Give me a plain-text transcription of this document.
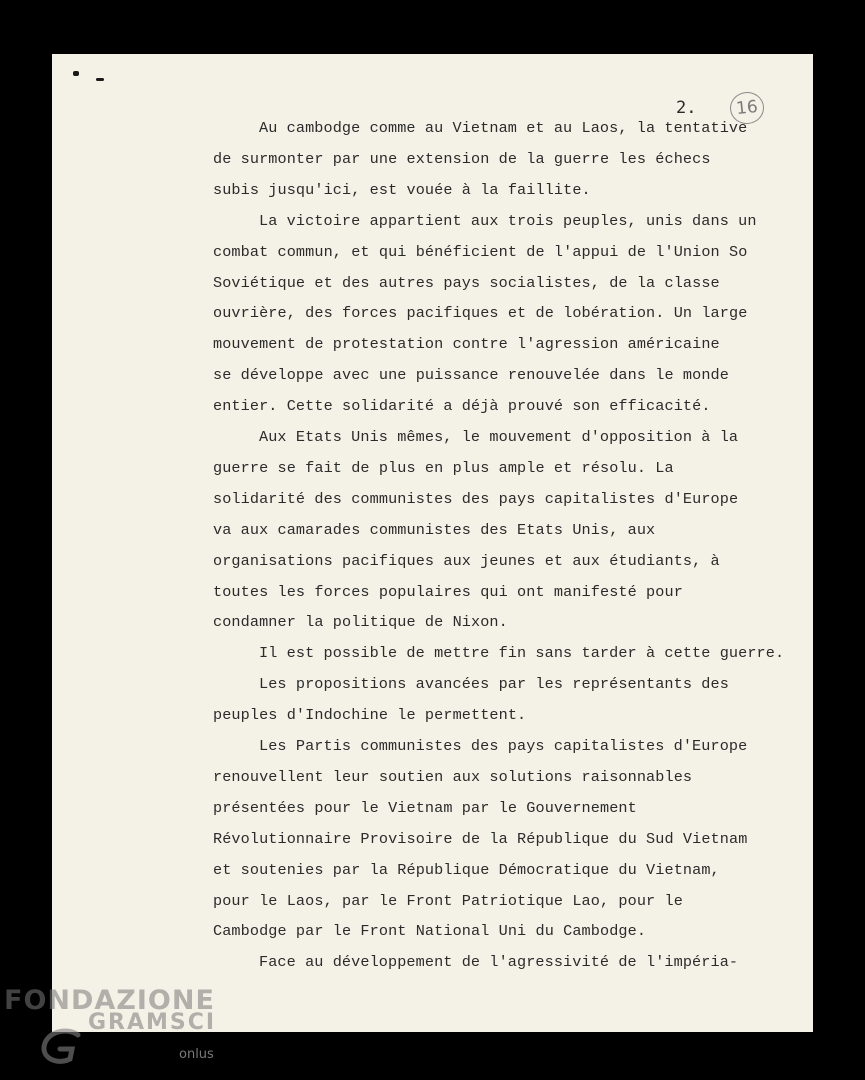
2.	16
Au cambodge comme au Vietnam et au Laos, la tentative
de surmonter par une extension de la guerre les échecs
subis jusqu'ici, est vouée à la faillite.
La victoire appartient aux trois peuples, unis dans un
combat commun, et qui bénéficient de l'appui de l'Union So
Soviétique et des autres pays socialistes, de la classe
ouvrière, des forces pacifiques et de lobération. Un large
mouvement de protestation contre l'agression américaine
se développe avec une puissance renouvelée dans le monde
entier. Cette solidarité a déjà prouvé son efficacité.
Aux Etats Unis mêmes, le mouvement d'opposition à la
guerre se fait de plus en plus ample et résolu. La
solidarité des communistes des pays capitalistes d'Europe
va aux camarades communistes des Etats Unis, aux
organisations pacifiques aux jeunes et aux étudiants, à
toutes les forces populaires qui ont manifesté pour
condamner la politique de Nixon.
Il est possible de mettre fin sans tarder à cette guerre.
Les propositions avancées par les représentants des
peuples d'Indochine le permettent.
Les Partis communistes des pays capitalistes d'Europe
renouvellent leur soutien aux solutions raisonnables
présentées pour le Vietnam par le Gouvernement
Révolutionnaire Provisoire de la République du Sud Vietnam
et soutenies par la République Démocratique du Vietnam,
pour le Laos, par le Front Patriotique Lao, pour le
Cambodge par le Front National Uni du Cambodge.
Face au développement de l'agressivité de l'impéria-
FONDAZIONE
GRAMSCI
onlus
